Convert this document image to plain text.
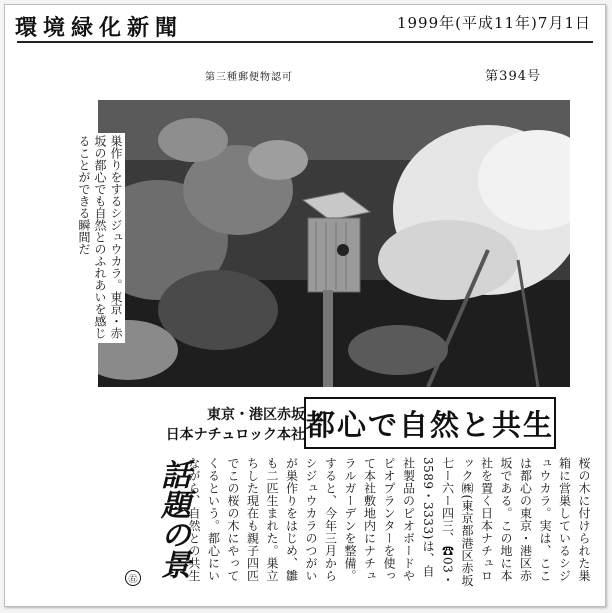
環境緑化新聞	1999年(平成11年)7月1日
第三種郵便物認可	第394号
巣作りをするシジュウカラ。東京・赤坂の都心でも自然とのふれあいを感じることができる瞬間だ
東京・港区赤坂
日本ナチュロック本社 都心で自然と共生
話題の景
㊨
桜の木に付けられた巣箱に営巣しているシジュウカラ。実は、ここは都心の東京・港区赤坂である。この地に本社を置く日本ナチュロック㈱(東京都港区赤坂七ー六ー四三、☎03・3589・3333)は、自社製品のピオボードやピオプランターを使って本社敷地内にナチュラルガーデンを整備。すると、今年三月からシジュウカラのつがいが巣作りをはじめ、雛も二匹生まれた。巣立ちした現在も親子四匹でこの桜の木にやってくるという。都心にいながら、自然との共生
